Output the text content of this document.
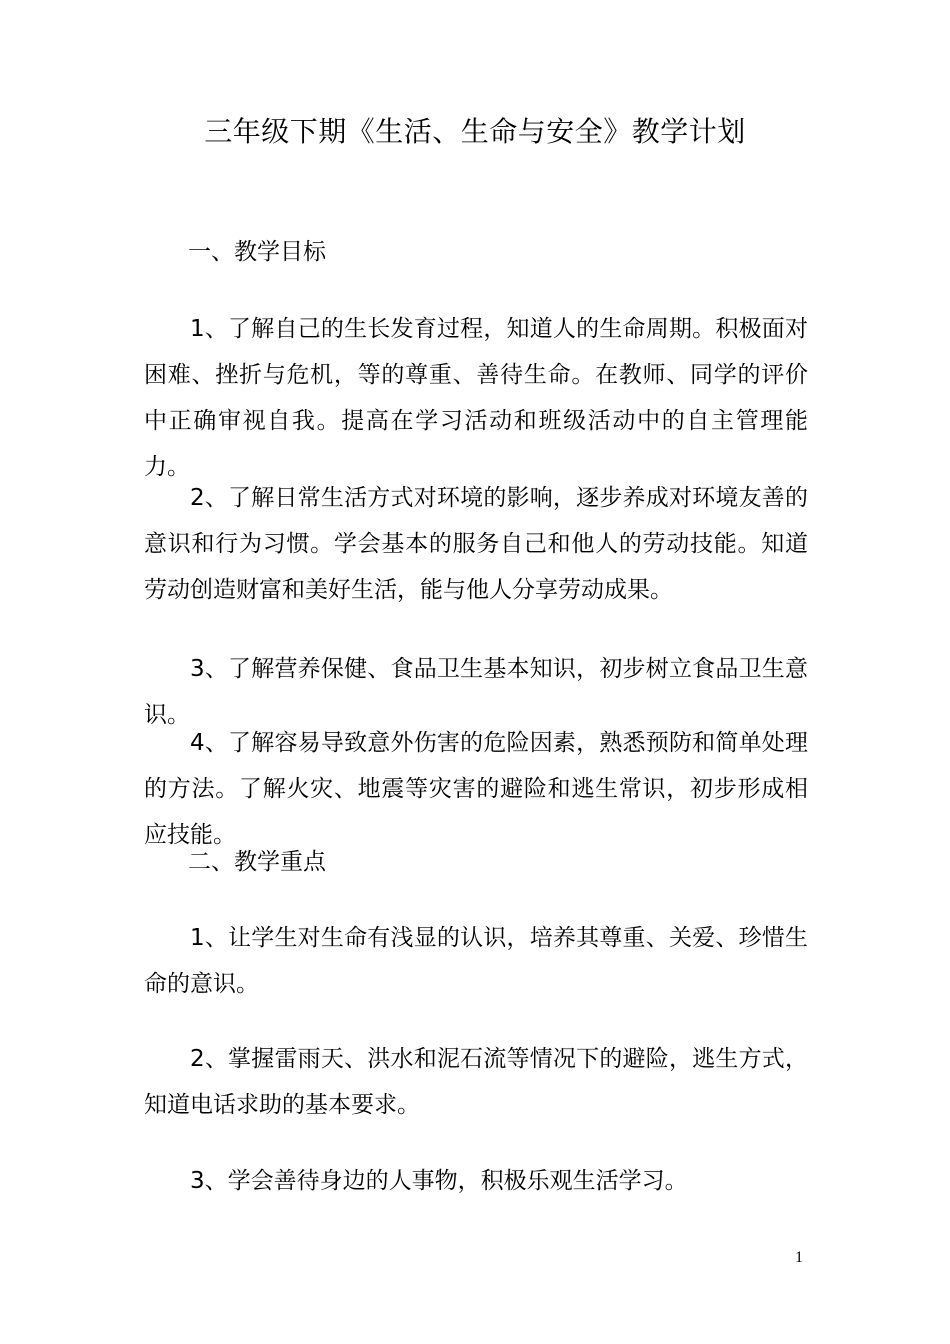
三年级下期《生活、生命与安全》教学计划
一、教学目标
1、了解自己的生长发育过程，知道人的生命周期。积极面对困难、挫折与危机，等的尊重、善待生命。在教师、同学的评价中正确审视自我。提高在学习活动和班级活动中的自主管理能力。
2、了解日常生活方式对环境的影响，逐步养成对环境友善的意识和行为习惯。学会基本的服务自己和他人的劳动技能。知道劳动创造财富和美好生活，能与他人分享劳动成果。
3、了解营养保健、食品卫生基本知识，初步树立食品卫生意识。
4、了解容易导致意外伤害的危险因素，熟悉预防和简单处理的方法。了解火灾、地震等灾害的避险和逃生常识，初步形成相应技能。
二、教学重点
1、让学生对生命有浅显的认识，培养其尊重、关爱、珍惜生命的意识。
2、掌握雷雨天、洪水和泥石流等情况下的避险，逃生方式，知道电话求助的基本要求。
3、学会善待身边的人事物，积极乐观生活学习。
1
